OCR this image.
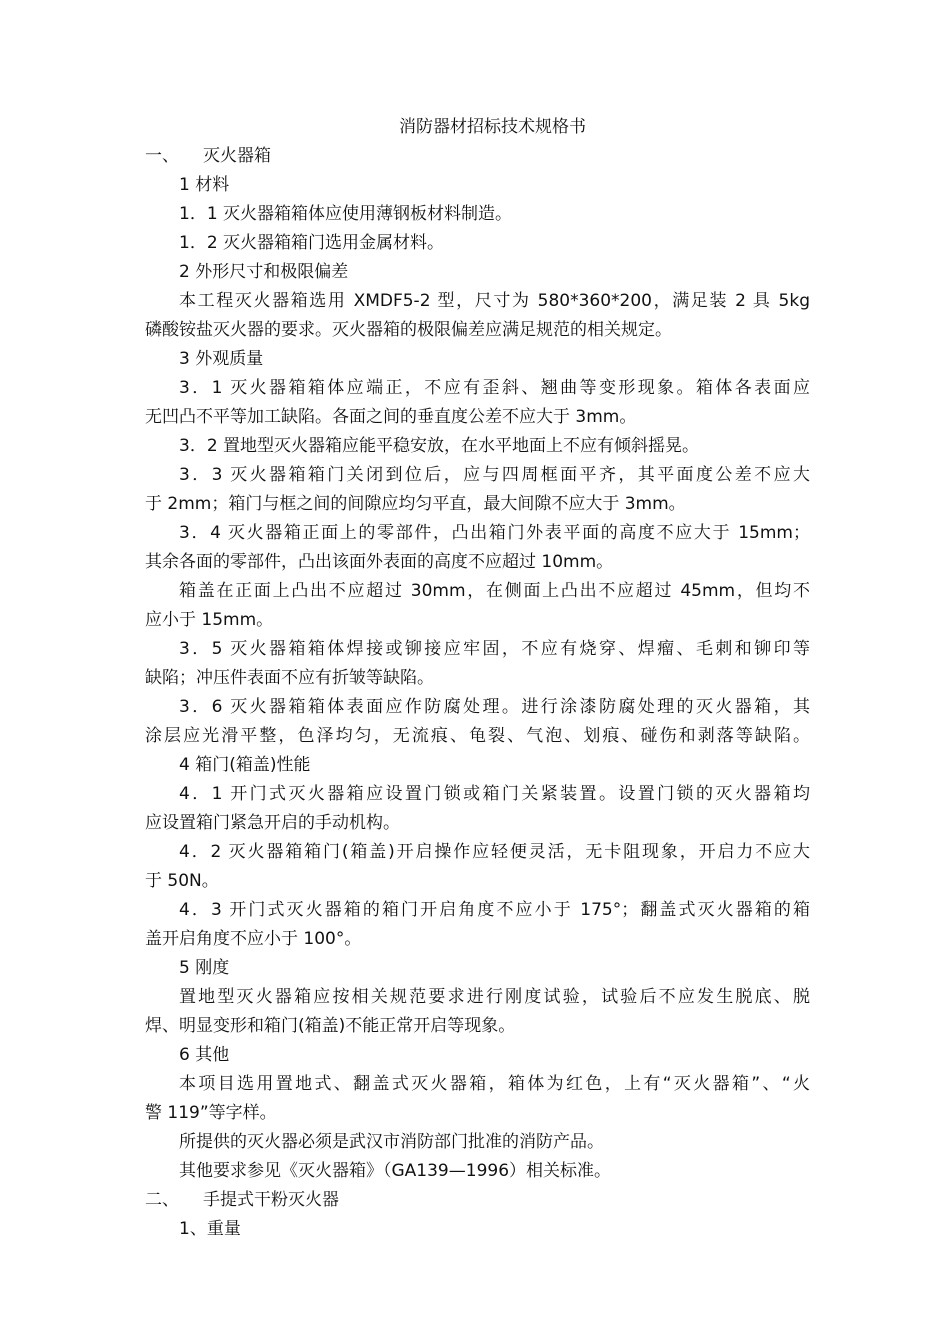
消防器材招标技术规格书
一、 灭火器箱
1 材料
1．1 灭火器箱箱体应使用薄钢板材料制造。
1．2 灭火器箱箱门选用金属材料。
2 外形尺寸和极限偏差
本工程灭火器箱选用 XMDF5-2 型，尺寸为 580*360*200，满足装 2 具 5kg
磷酸铵盐灭火器的要求。灭火器箱的极限偏差应满足规范的相关规定。
3 外观质量
3．1 灭火器箱箱体应端正，不应有歪斜、翘曲等变形现象。箱体各表面应
无凹凸不平等加工缺陷。各面之间的垂直度公差不应大于 3mm。
3．2 置地型灭火器箱应能平稳安放，在水平地面上不应有倾斜摇晃。
3．3 灭火器箱箱门关闭到位后，应与四周框面平齐，其平面度公差不应大
于 2mm；箱门与框之间的间隙应均匀平直，最大间隙不应大于 3mm。
3．4 灭火器箱正面上的零部件，凸出箱门外表平面的高度不应大于 15mm；
其余各面的零部件，凸出该面外表面的高度不应超过 10mm。
箱盖在正面上凸出不应超过 30mm，在侧面上凸出不应超过 45mm，但均不
应小于 15mm。
3．5 灭火器箱箱体焊接或铆接应牢固，不应有烧穿、焊瘤、毛刺和铆印等
缺陷；冲压件表面不应有折皱等缺陷。
3．6 灭火器箱箱体表面应作防腐处理。进行涂漆防腐处理的灭火器箱，其
涂层应光滑平整，色泽均匀，无流痕、龟裂、气泡、划痕、碰伤和剥落等缺陷。
4 箱门(箱盖)性能
4．1 开门式灭火器箱应设置门锁或箱门关紧装置。设置门锁的灭火器箱均
应设置箱门紧急开启的手动机构。
4．2 灭火器箱箱门(箱盖)开启操作应轻便灵活，无卡阻现象，开启力不应大
于 50N。
4．3 开门式灭火器箱的箱门开启角度不应小于 175°；翻盖式灭火器箱的箱
盖开启角度不应小于 100°。
5 刚度
置地型灭火器箱应按相关规范要求进行刚度试验，试验后不应发生脱底、脱
焊、明显变形和箱门(箱盖)不能正常开启等现象。
6 其他
本项目选用置地式、翻盖式灭火器箱，箱体为红色，上有“灭火器箱”、“火
警 119”等字样。
所提供的灭火器必须是武汉市消防部门批准的消防产品。
其他要求参见《灭火器箱》（GA139—1996）相关标准。
二、 手提式干粉灭火器
1、重量
